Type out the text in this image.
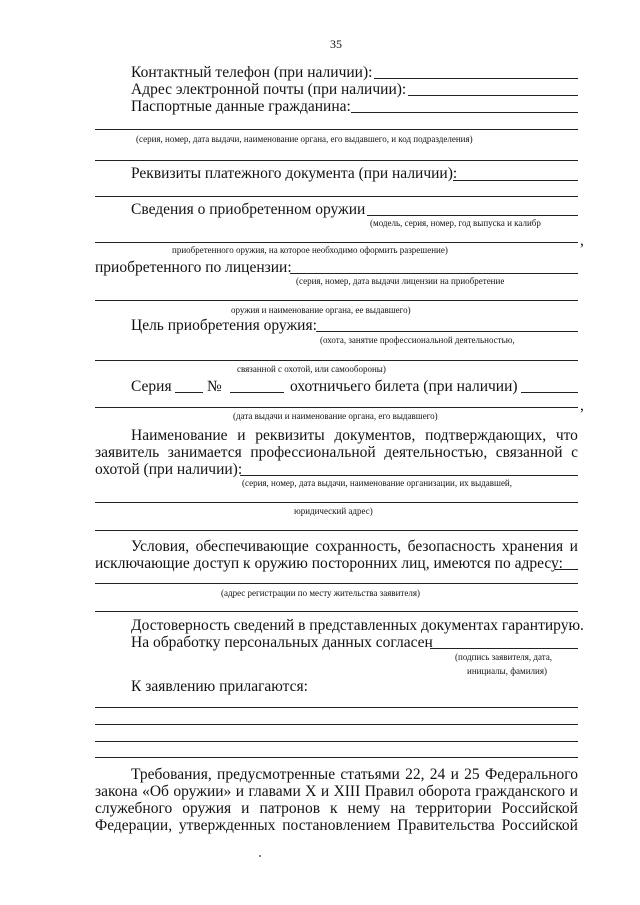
35
Контактный телефон (при наличии):
Адрес электронной почты (при наличии):
Паспортные данные гражданина:
(серия, номер, дата выдачи, наименование органа, его выдавшего, и код подразделения)
Реквизиты платежного документа (при наличии):
Сведения о приобретенном оружии
(модель, серия, номер, год выпуска и калибр
,
приобретенного оружия, на которое необходимо оформить разрешение)
приобретенного по лицензии:
(серия, номер, дата выдачи лицензии на приобретение
оружия и наименование органа, ее выдавшего)
Цель приобретения оружия:
(охота, занятие профессиональной деятельностью,
связанной с охотой, или самообороны)
Серия №	охотничьего билета (при наличии)
,
(дата выдачи и наименование органа, его выдавшего)
Наименование и реквизиты документов, подтверждающих, что
заявитель занимается профессиональной деятельностью, связанной с
охотой (при наличии):
(серия, номер, дата выдачи, наименование организации, их выдавшей,
юридический адрес)
Условия, обеспечивающие сохранность, безопасность хранения и
исключающие доступ к оружию посторонних лиц, имеются по адресу:
(адрес регистрации по месту жительства заявителя)
Достоверность сведений в представленных документах гарантирую.
На обработку персональных данных согласен
(подпись заявителя, дата,
инициалы, фамилия)
К заявлению прилагаются:
Требования, предусмотренные статьями 22, 24 и 25 Федерального
закона «Об оружии» и главами X и XIII Правил оборота гражданского и
служебного оружия и патронов к нему на территории Российской
Федерации, утвержденных постановлением Правительства Российской
